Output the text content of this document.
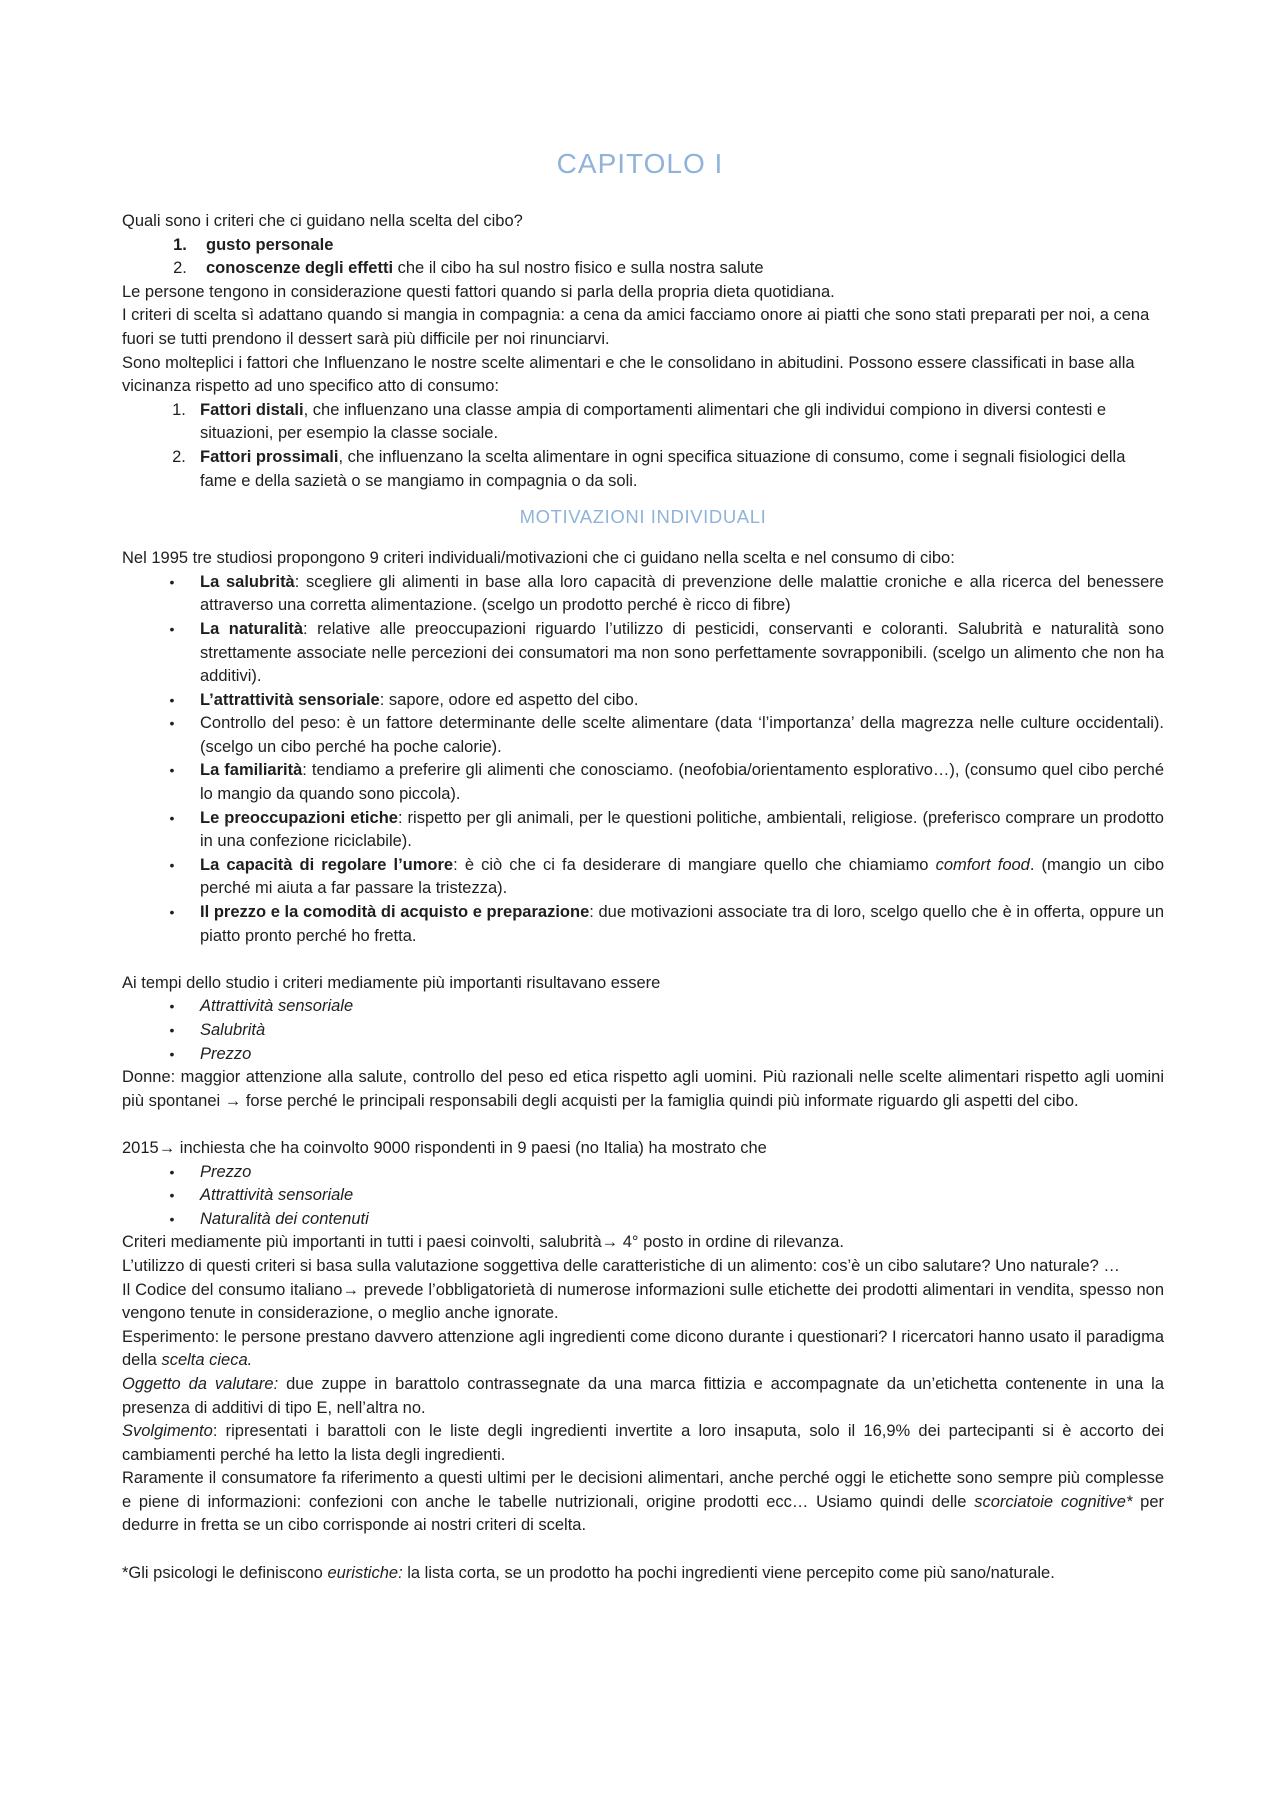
CAPITOLO I

Quali sono i criteri che ci guidano nella scelta del cibo?

1.	gusto personale
2.	conoscenze degli effetti che il cibo ha sul nostro fisico e sulla nostra salute

Le persone tengono in considerazione questi fattori quando si parla della propria dieta quotidiana.

I criteri di scelta sì adattano quando si mangia in compagnia: a cena da amici facciamo onore ai piatti che sono stati preparati per noi, a cena fuori se tutti prendono il dessert sarà più difficile per noi rinunciarvi.

Sono molteplici i fattori che Influenzano le nostre scelte alimentari e che le consolidano in abitudini. Possono essere classificati in base alla vicinanza rispetto ad uno specifico atto di consumo:

1. Fattori distali, che influenzano una classe ampia di comportamenti alimentari che gli individui compiono in diversi contesti e situazioni, per esempio la classe sociale.
2. Fattori prossimali, che influenzano la scelta alimentare in ogni specifica situazione di consumo, come i segnali fisiologici della fame e della sazietà o se mangiamo in compagnia o da soli.
MOTIVAZIONI INDIVIDUALI

Nel 1995 tre studiosi propongono 9 criteri individuali/motivazioni che ci guidano nella scelta e nel consumo di cibo:

•	La salubrità: scegliere gli alimenti in base alla loro capacità di prevenzione delle malattie croniche e alla ricerca del benessere attraverso una corretta alimentazione. (scelgo un prodotto perché è ricco di fibre)
•	La naturalità: relative alle preoccupazioni riguardo l’utilizzo di pesticidi, conservanti e coloranti. Salubrità e naturalità sono strettamente associate nelle percezioni dei consumatori ma non sono perfettamente sovrapponibili. (scelgo un alimento che non ha additivi).
•	L’attrattività sensoriale: sapore, odore ed aspetto del cibo.
•	Controllo del peso: è un fattore determinante delle scelte alimentare (data ‘l’importanza’ della magrezza nelle culture occidentali). (scelgo un cibo perché ha poche calorie).
•	La familiarità: tendiamo a preferire gli alimenti che conosciamo. (neofobia/orientamento esplorativo…), (consumo quel cibo perché lo mangio da quando sono piccola).
•	Le preoccupazioni etiche: rispetto per gli animali, per le questioni politiche, ambientali, religiose. (preferisco comprare un prodotto in una confezione riciclabile).
•	La capacità di regolare l’umore: è ciò che ci fa desiderare di mangiare quello che chiamiamo comfort food. (mangio un cibo perché mi aiuta a far passare la tristezza).
•	Il prezzo e la comodità di acquisto e preparazione: due motivazioni associate tra di loro, scelgo quello che è in offerta, oppure un piatto pronto perché ho fretta.

Ai tempi dello studio i criteri mediamente più importanti risultavano essere

•	Attrattività sensoriale
•	Salubrità
•	Prezzo

Donne: maggior attenzione alla salute, controllo del peso ed etica rispetto agli uomini. Più razionali nelle scelte alimentari rispetto agli uomini più spontanei → forse perché le principali responsabili degli acquisti per la famiglia quindi più informate riguardo gli aspetti del cibo.

2015→ inchiesta che ha coinvolto 9000 rispondenti in 9 paesi (no Italia) ha mostrato che

•	Prezzo
•	Attrattività sensoriale
•	Naturalità dei contenuti

Criteri mediamente più importanti in tutti i paesi coinvolti, salubrità→ 4° posto in ordine di rilevanza.

L’utilizzo di questi criteri si basa sulla valutazione soggettiva delle caratteristiche di un alimento: cos’è un cibo salutare? Uno naturale? …

Il Codice del consumo italiano→ prevede l’obbligatorietà di numerose informazioni sulle etichette dei prodotti alimentari in vendita, spesso non vengono tenute in considerazione, o meglio anche ignorate.

Esperimento: le persone prestano davvero attenzione agli ingredienti come dicono durante i questionari? I ricercatori hanno usato il paradigma della scelta cieca.

Oggetto da valutare: due zuppe in barattolo contrassegnate da una marca fittizia e accompagnate da un’etichetta contenente in una la presenza di additivi di tipo E, nell’altra no.

Svolgimento: ripresentati i barattoli con le liste degli ingredienti invertite a loro insaputa, solo il 16,9% dei partecipanti si è accorto dei cambiamenti perché ha letto la lista degli ingredienti.

Raramente il consumatore fa riferimento a questi ultimi per le decisioni alimentari, anche perché oggi le etichette sono sempre più complesse e piene di informazioni: confezioni con anche le tabelle nutrizionali, origine prodotti ecc… Usiamo quindi delle scorciatoie cognitive* per dedurre in fretta se un cibo corrisponde ai nostri criteri di scelta.

*Gli psicologi le definiscono euristiche: la lista corta, se un prodotto ha pochi ingredienti viene percepito come più sano/naturale.
